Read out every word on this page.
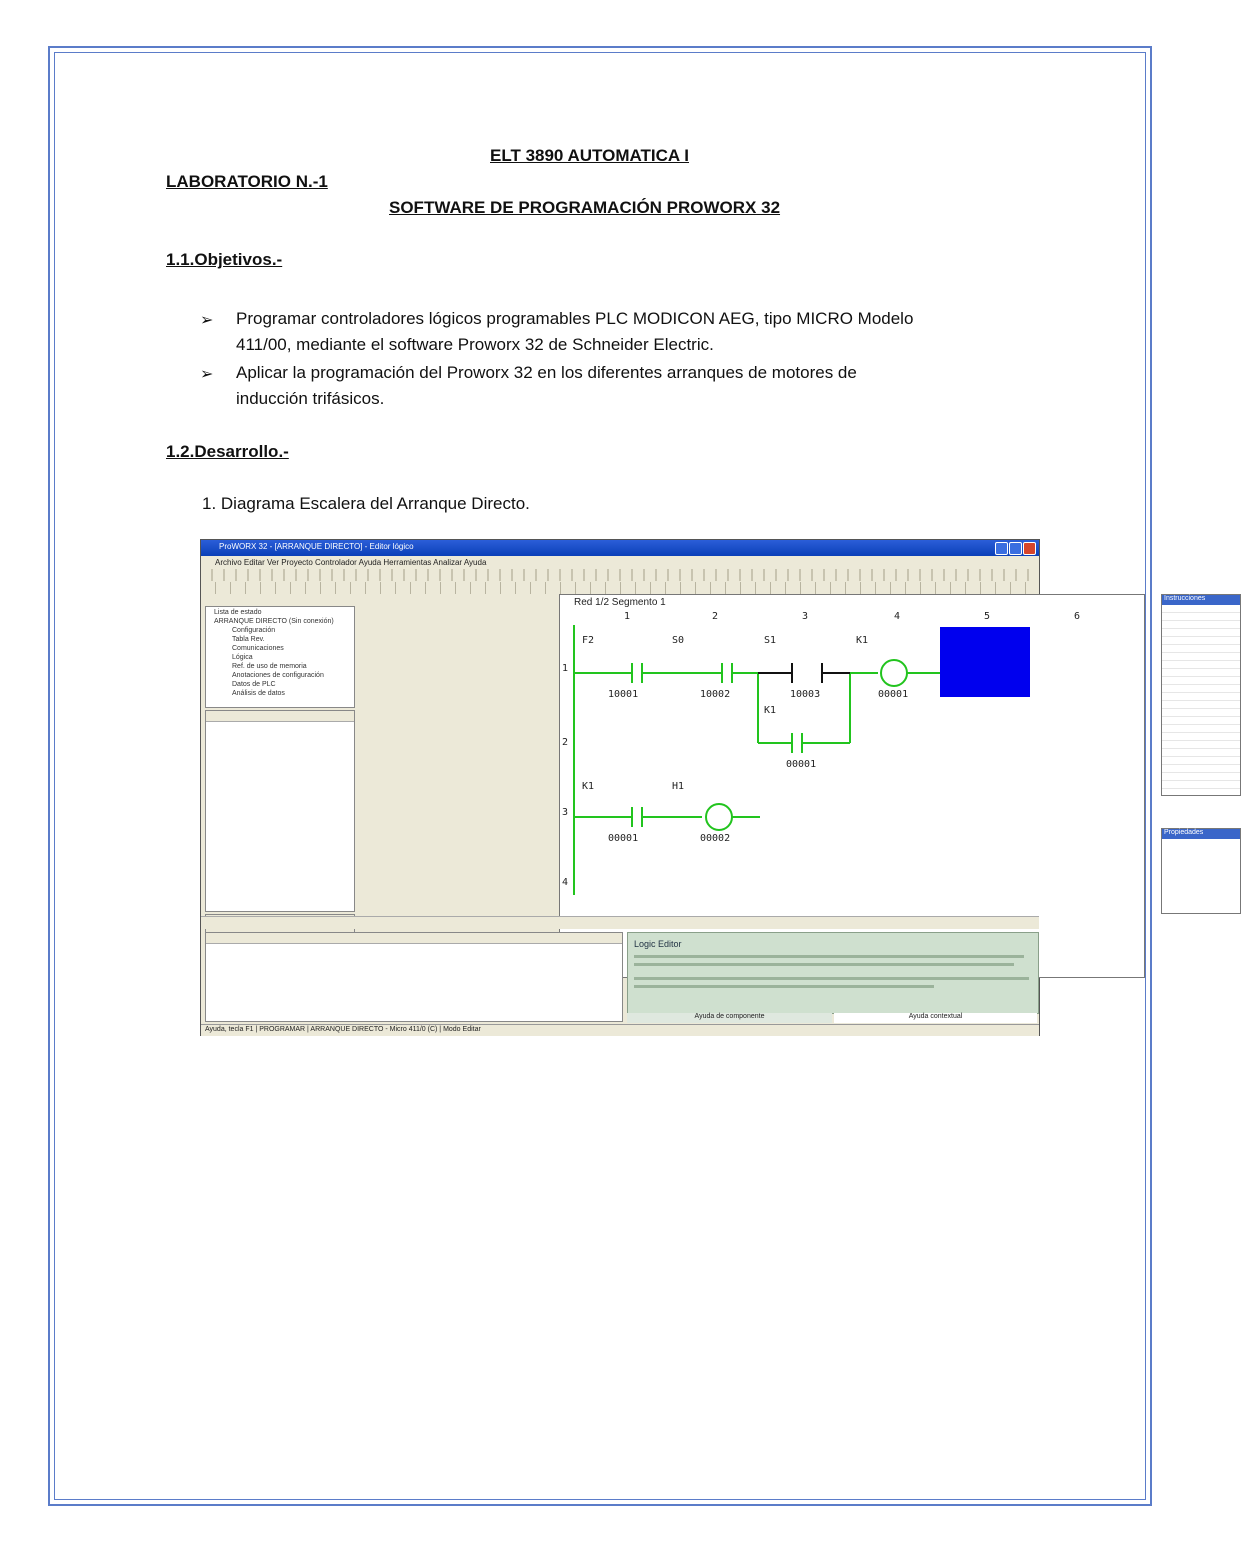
ELT 3890 AUTOMATICA I
LABORATORIO N.-1
SOFTWARE DE PROGRAMACIÓN PROWORX 32
1.1.Objetivos.-
➢ Programar controladores lógicos programables PLC MODICON AEG, tipo MICRO Modelo
411/00, mediante el software Proworx 32 de Schneider Electric.
➢ Aplicar la programación del Proworx 32 en los diferentes arranques de motores de
inducción trifásicos.
1.2.Desarrollo.-
1. Diagrama Escalera del Arranque Directo.
ProWORX 32 - [ARRANQUE DIRECTO] - Editor lógico
Archivo Editar Ver Proyecto Controlador Ayuda Herramientas Analizar Ayuda
Lista de estado
ARRANQUE DIRECTO (Sin conexión)
Configuración
Tabla Rev.
Comunicaciones
Lógica
Ref. de uso de memoria
Anotaciones de configuración
Datos de PLC
Análisis de datos
Red 1/2 Segmento 1
1	2	3	4	5	6
1
2
3
4
F2	S0	S1	K1
K1
K1	H1
10001	10002	10003	00001
00001
00001	00002
Instrucciones
Propiedades
Logic Editor
Ayuda de componente	Ayuda contextual
Ayuda, tecla F1 | PROGRAMAR | ARRANQUE DIRECTO - Micro 411/0 (C) | Modo Editar
